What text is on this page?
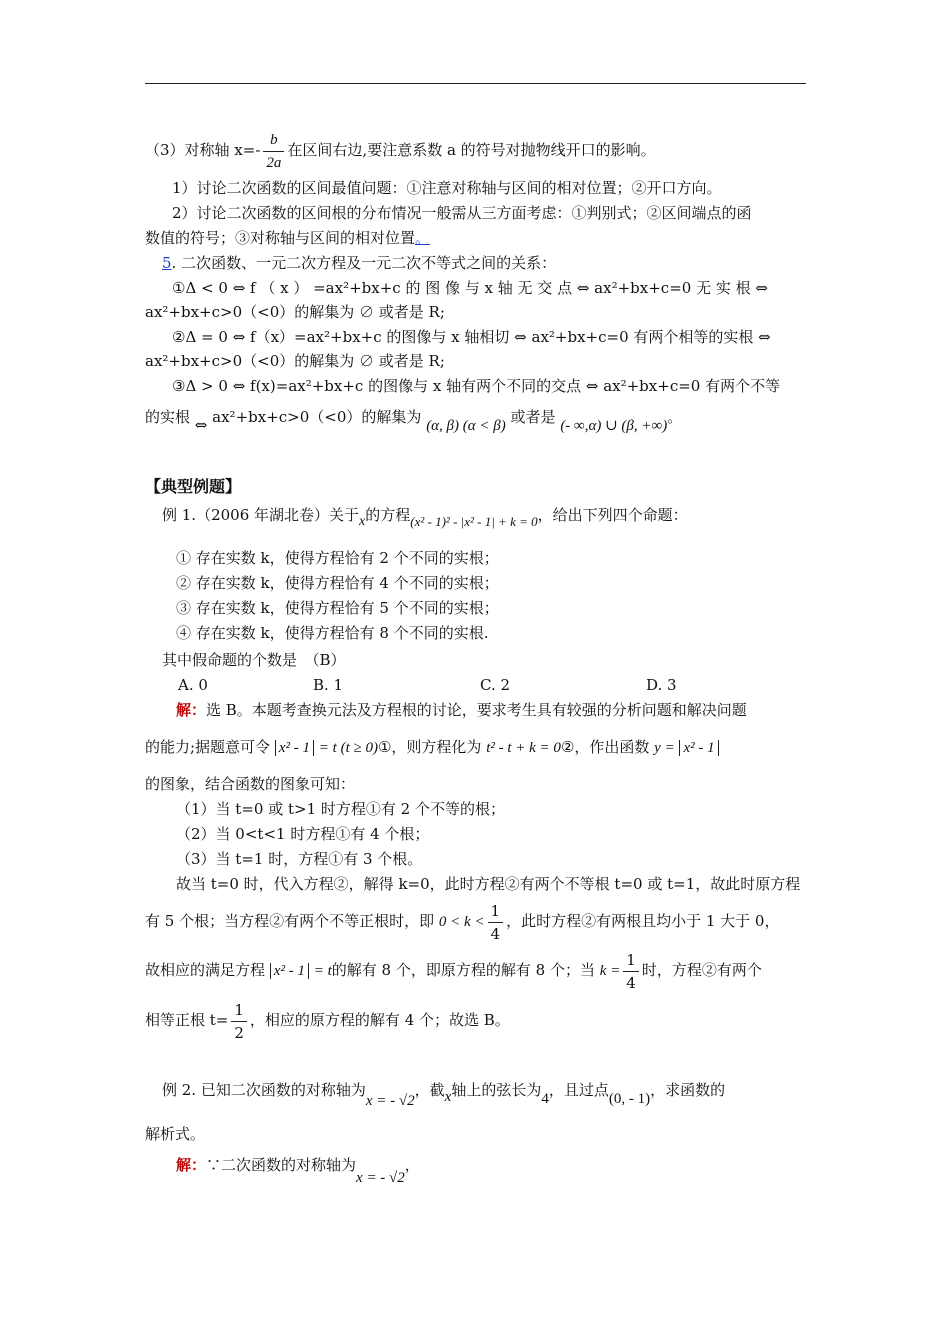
（3）对称轴 $x=- \frac{b}{2a}$ 在区间右边,要注意系数 a 的符号对抛物线开口的影响。
1）讨论二次函数的区间最值问题：①注意对称轴与区间的相对位置；②开口方向。
2）讨论二次函数的区间根的分布情况一般需从三方面考虑：①判别式；②区间端点的函
数值的符号；③对称轴与区间的相对位置。
5. 二次函数、一元二次方程及一元二次不等式之间的关系：
①Δ < 0 ⇔ f （ x ） =ax²+bx+c 的 图 像 与 x 轴 无 交 点 ⇔ ax²+bx+c=0 无 实 根 ⇔
ax²+bx+c>0（<0）的解集为 ∅ 或者是 R;
②Δ = 0 ⇔ f（x）=ax²+bx+c 的图像与 x 轴相切 ⇔ ax²+bx+c=0 有两个相等的实根 ⇔
ax²+bx+c>0（<0）的解集为 ∅ 或者是 R;
③Δ > 0 ⇔ f(x)=ax²+bx+c 的图像与 x 轴有两个不同的交点 ⇔ ax²+bx+c=0 有两个不等
的实根 ⇔ ax²+bx+c>0（<0）的解集为 (α, β) (α < β) 或者是 (- ∞,α) ∪ (β, +∞)。
【典型例题】
例 1.（2006 年湖北卷）关于x的方程(x² - 1)² - |x² - 1| + k = 0，给出下列四个命题：
① 存在实数 k，使得方程恰有 2 个不同的实根；
② 存在实数 k，使得方程恰有 4 个不同的实根；
③ 存在实数 k，使得方程恰有 5 个不同的实根；
④ 存在实数 k，使得方程恰有 8 个不同的实根.
其中假命题的个数是　（B）
A. 0	B. 1	C. 2	D. 3
解：选 B。本题考查换元法及方程根的讨论，要求考生具有较强的分析问题和解决问题
的能力;据题意可令 x² - 1 = t (t ≥ 0)①，则方程化为 t² - t + k = 0②，作出函数 y = x² - 1
的图象，结合函数的图象可知：
（1）当 t=0 或 t>1 时方程①有 2 个不等的根；
（2）当 0<t<1 时方程①有 4 个根；
（3）当 t=1 时，方程①有 3 个根。
故当 t=0 时，代入方程②，解得 k=0，此时方程②有两个不等根 t=0 或 t=1，故此时原方程
有 5 个根；当方程②有两个不等正根时，即 $0 < k < \frac{1}{4}$ ，此时方程②有两根且均小于 1 大于 0，
故相应的满足方程 x² - 1 = t的解有 8 个，即原方程的解有 8 个；当 $k = \frac{1}{4}$ 时，方程②有两个
相等正根 $t= \frac{1}{2}$ ，相应的原方程的解有 4 个；故选 B。
例 2. 已知二次函数的对称轴为x = - √2，截x轴上的弦长为4，且过点(0, - 1)，求函数的
解析式。
解：∵二次函数的对称轴为x = - √2，
